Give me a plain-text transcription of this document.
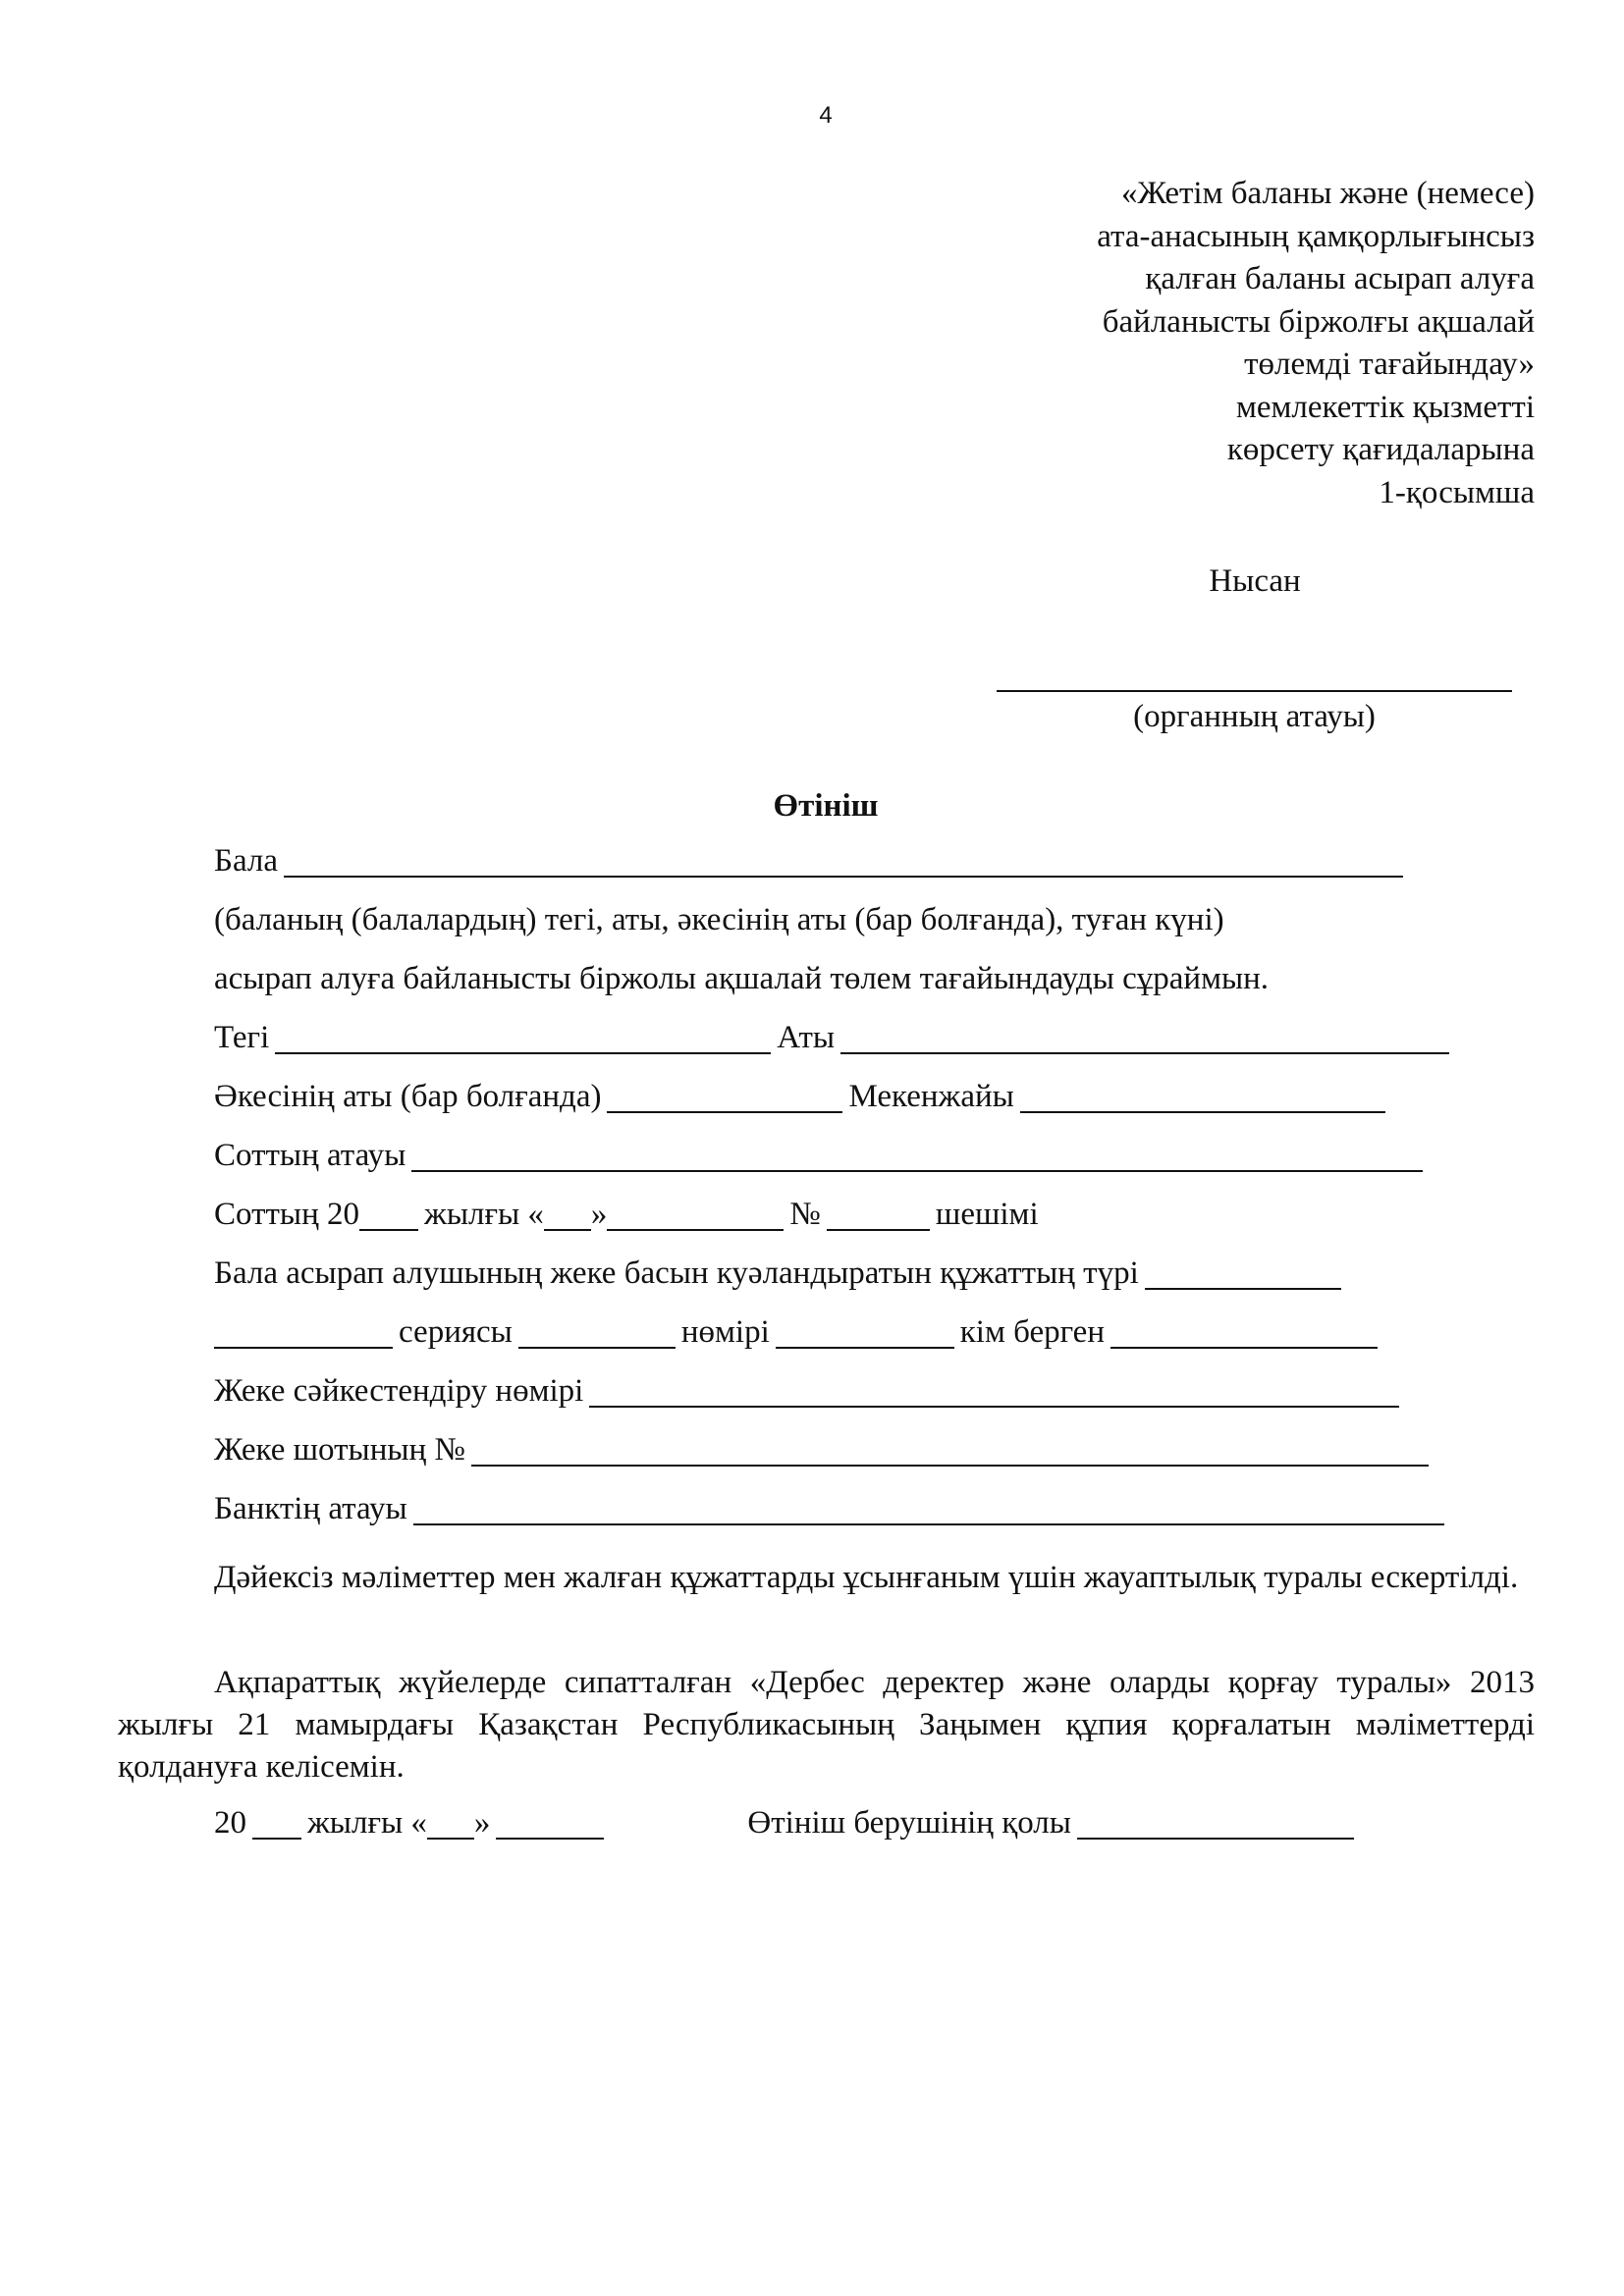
4
«Жетім баланы және (немесе)
ата-анасының қамқорлығынсыз
қалған баланы асырап алуға
байланысты біржолғы ақшалай
төлемді тағайындау»
мемлекеттік қызметті
көрсету қағидаларына
1-қосымша
Нысан
(органның атауы)
Өтініш
Бала
(баланың (балалардың) тегі, аты, әкесінің аты (бар болғанда), туған күні)
асырап алуға байланысты біржолы ақшалай төлем тағайындауды сұраймын.
Тегі	Аты
Әкесінің аты (бар болғанда)	Мекенжайы
Соттың атауы
Соттың 20 жылғы « »	№	шешімі
Бала асырап алушының жеке басын куәландыратын құжаттың түрі
сериясы	нөмірі	кім берген
Жеке сәйкестендіру нөмірі
Жеке шотының №
Банктің атауы
Дәйексіз мәліметтер мен жалған құжаттарды ұсынғаным үшін жауаптылық туралы ескертілді.
Ақпараттық жүйелерде сипатталған «Дербес деректер және оларды қорғау туралы» 2013 жылғы 21 мамырдағы Қазақстан Республикасының Заңымен құпия қорғалатын мәліметтерді қолдануға келісемін.
20 жылғы « »	Өтініш берушінің қолы
